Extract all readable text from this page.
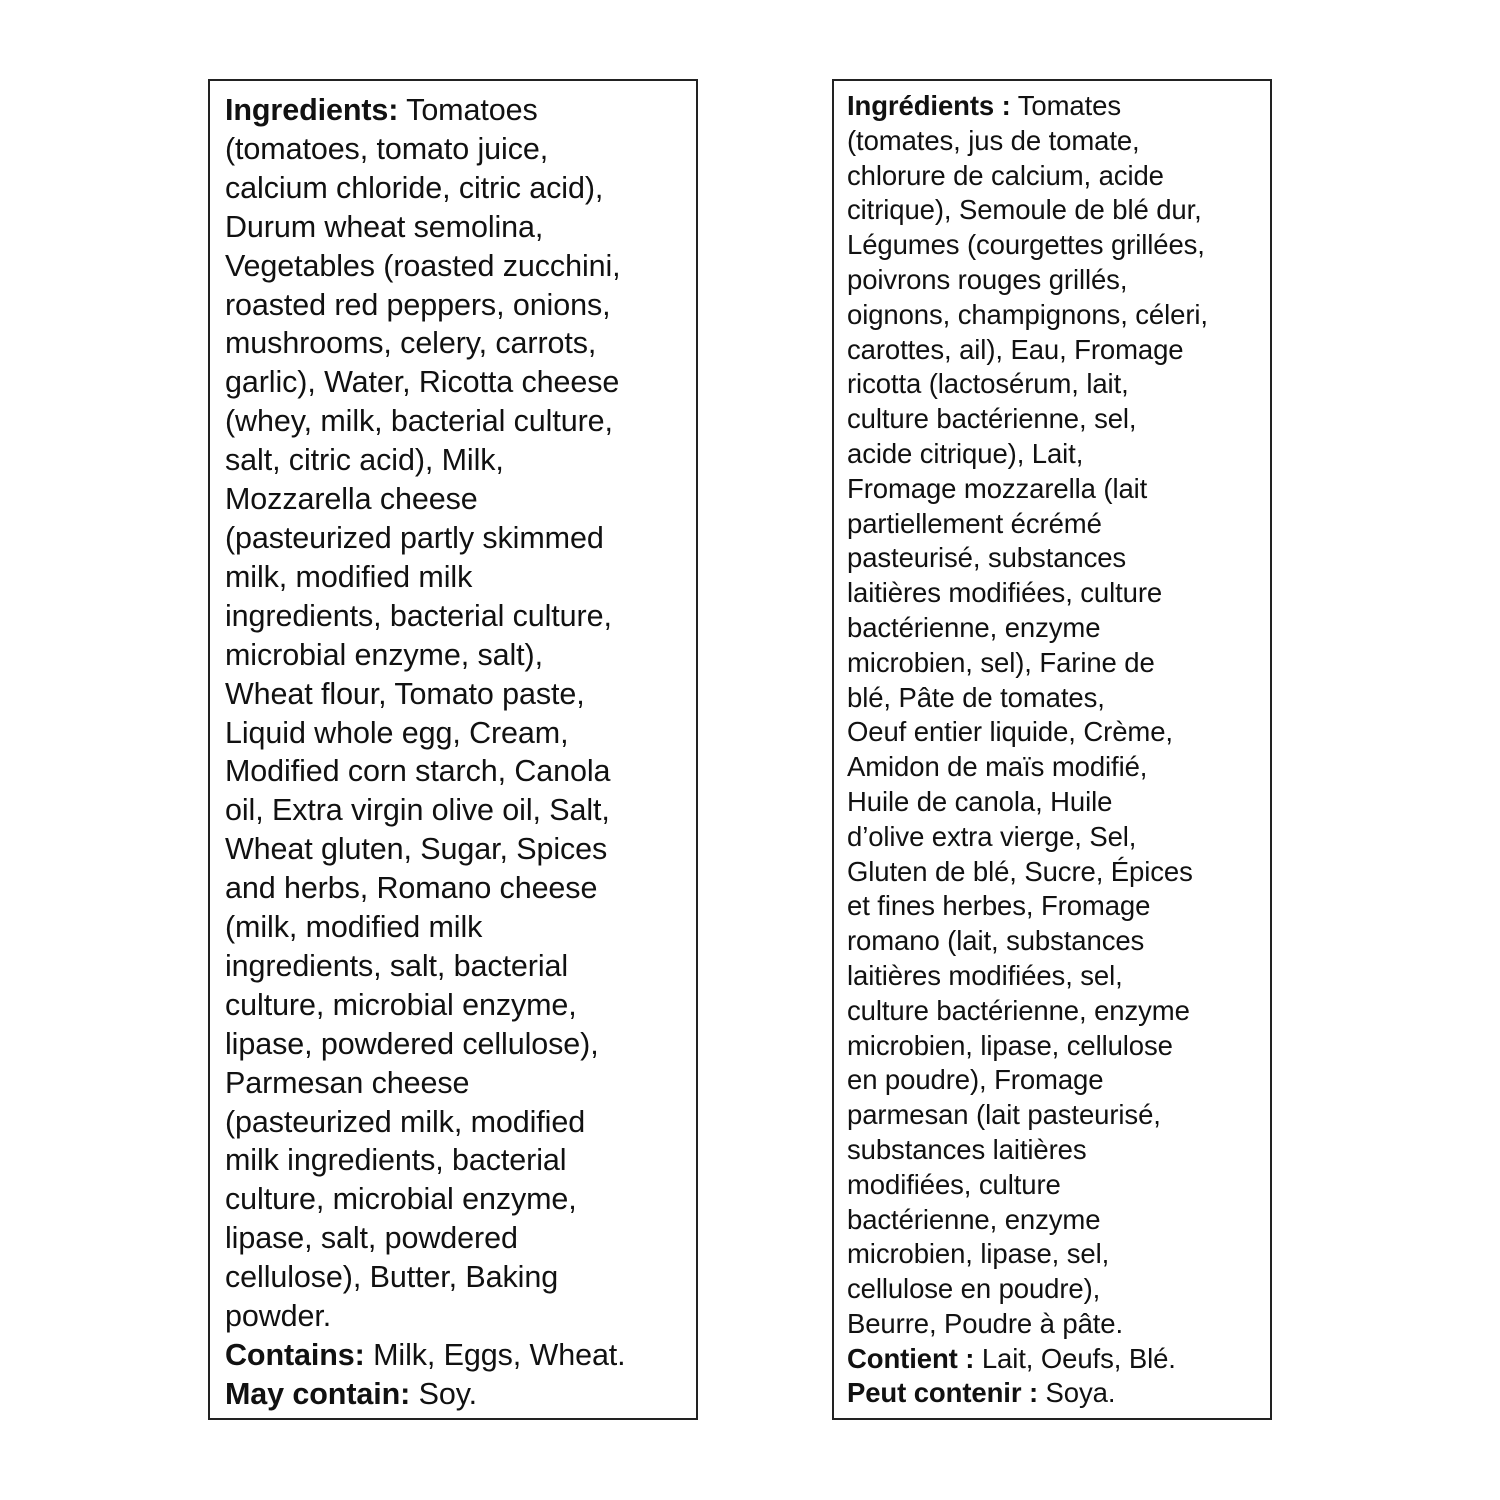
Ingredients: Tomatoes
(tomatoes, tomato juice,
calcium chloride, citric acid),
Durum wheat semolina,
Vegetables (roasted zucchini,
roasted red peppers, onions,
mushrooms, celery, carrots,
garlic), Water, Ricotta cheese
(whey, milk, bacterial culture,
salt, citric acid), Milk,
Mozzarella cheese
(pasteurized partly skimmed
milk, modified milk
ingredients, bacterial culture,
microbial enzyme, salt),
Wheat flour, Tomato paste,
Liquid whole egg, Cream,
Modified corn starch, Canola
oil, Extra virgin olive oil, Salt,
Wheat gluten, Sugar, Spices
and herbs, Romano cheese
(milk, modified milk
ingredients, salt, bacterial
culture, microbial enzyme,
lipase, powdered cellulose),
Parmesan cheese
(pasteurized milk, modified
milk ingredients, bacterial
culture, microbial enzyme,
lipase, salt, powdered
cellulose), Butter, Baking
powder.
Contains: Milk, Eggs, Wheat.
May contain: Soy.
Ingrédients : Tomates
(tomates, jus de tomate,
chlorure de calcium, acide
citrique), Semoule de blé dur,
Légumes (courgettes grillées,
poivrons rouges grillés,
oignons, champignons, céleri,
carottes, ail), Eau, Fromage
ricotta (lactosérum, lait,
culture bactérienne, sel,
acide citrique), Lait,
Fromage mozzarella (lait
partiellement écrémé
pasteurisé, substances
laitières modifiées, culture
bactérienne, enzyme
microbien, sel), Farine de
blé, Pâte de tomates,
Oeuf entier liquide, Crème,
Amidon de maïs modifié,
Huile de canola, Huile
d’olive extra vierge, Sel,
Gluten de blé, Sucre, Épices
et fines herbes, Fromage
romano (lait, substances
laitières modifiées, sel,
culture bactérienne, enzyme
microbien, lipase, cellulose
en poudre), Fromage
parmesan (lait pasteurisé,
substances laitières
modifiées, culture
bactérienne, enzyme
microbien, lipase, sel,
cellulose en poudre),
Beurre, Poudre à pâte.
Contient : Lait, Oeufs, Blé.
Peut contenir : Soya.
